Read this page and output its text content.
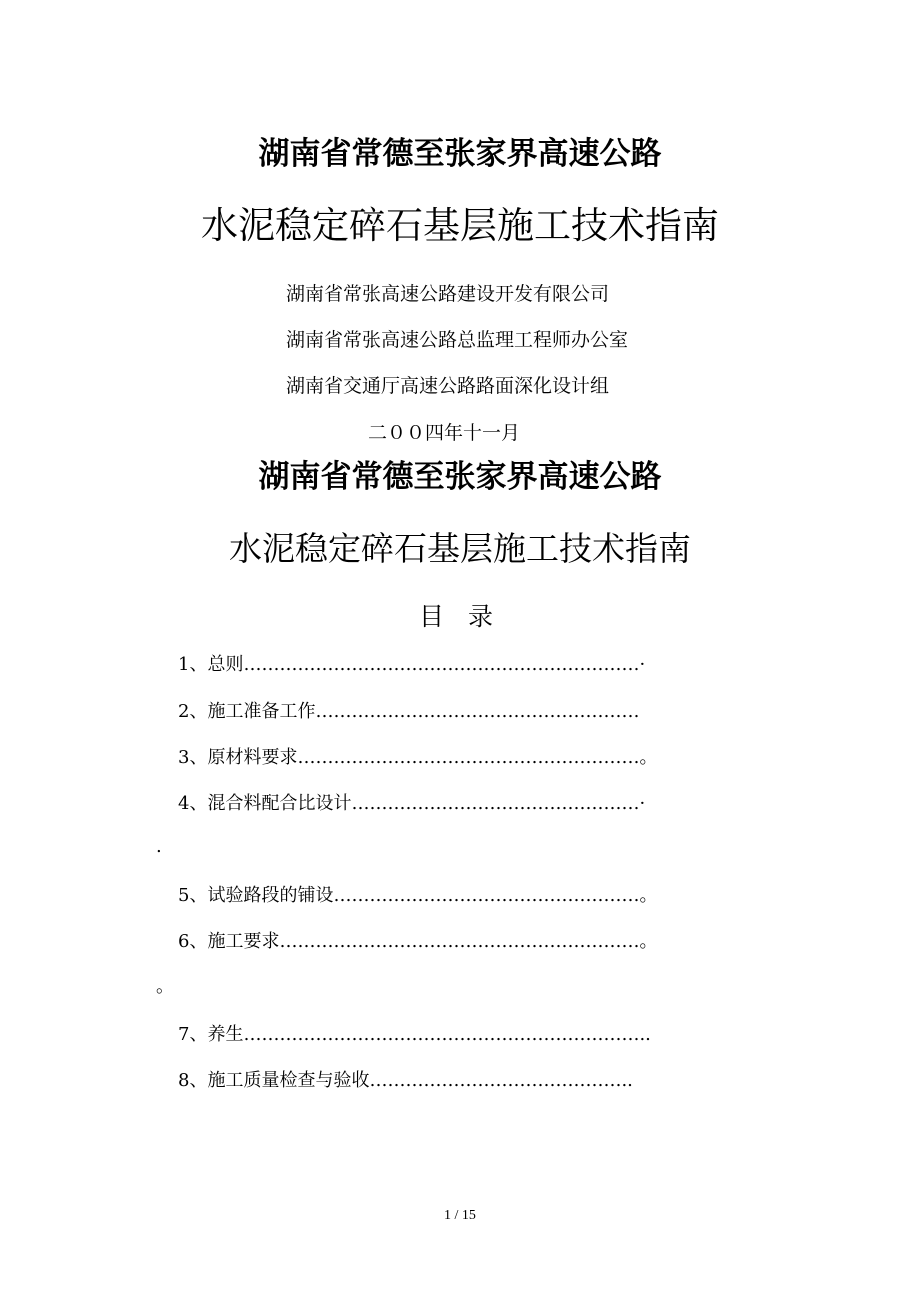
湖南省常德至张家界高速公路
水泥稳定碎石基层施工技术指南
湖南省常张高速公路建设开发有限公司
湖南省常张高速公路总监理工程师办公室
湖南省交通厅高速公路路面深化设计组
二００四年十一月
湖南省常德至张家界高速公路
水泥稳定碎石基层施工技术指南
目 录
1、总则…………………………………………………………·
2、施工准备工作………………………………………………
3、原材料要求…………………………………………………。
4、混合料配合比设计…………………………………………·
.
5、试验路段的铺设……………………………………………。
6、施工要求……………………………………………………。
。
7、养生…………………………………………………………..
8、施工质量检查与验收……………………………………..
1 / 15
